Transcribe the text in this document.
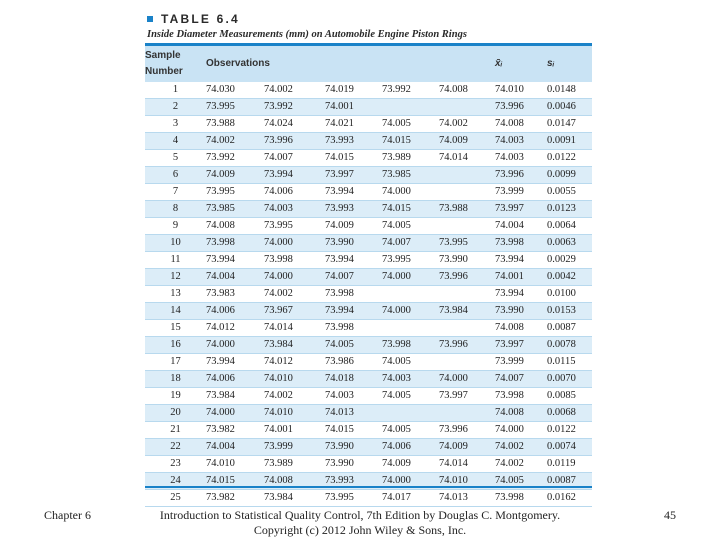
TABLE 6.4
Inside Diameter Measurements (mm) on Automobile Engine Piston Rings
Sample
Number	Observations					x̄ᵢ	sᵢ
1	74.030	74.002	74.019	73.992	74.008	74.010	0.0148
2	73.995	73.992	74.001			73.996	0.0046
3	73.988	74.024	74.021	74.005	74.002	74.008	0.0147
4	74.002	73.996	73.993	74.015	74.009	74.003	0.0091
5	73.992	74.007	74.015	73.989	74.014	74.003	0.0122
6	74.009	73.994	73.997	73.985		73.996	0.0099
7	73.995	74.006	73.994	74.000		73.999	0.0055
8	73.985	74.003	73.993	74.015	73.988	73.997	0.0123
9	74.008	73.995	74.009	74.005		74.004	0.0064
10	73.998	74.000	73.990	74.007	73.995	73.998	0.0063
11	73.994	73.998	73.994	73.995	73.990	73.994	0.0029
12	74.004	74.000	74.007	74.000	73.996	74.001	0.0042
13	73.983	74.002	73.998			73.994	0.0100
14	74.006	73.967	73.994	74.000	73.984	73.990	0.0153
15	74.012	74.014	73.998			74.008	0.0087
16	74.000	73.984	74.005	73.998	73.996	73.997	0.0078
17	73.994	74.012	73.986	74.005		73.999	0.0115
18	74.006	74.010	74.018	74.003	74.000	74.007	0.0070
19	73.984	74.002	74.003	74.005	73.997	73.998	0.0085
20	74.000	74.010	74.013			74.008	0.0068
21	73.982	74.001	74.015	74.005	73.996	74.000	0.0122
22	74.004	73.999	73.990	74.006	74.009	74.002	0.0074
23	74.010	73.989	73.990	74.009	74.014	74.002	0.0119
24	74.015	74.008	73.993	74.000	74.010	74.005	0.0087
25	73.982	73.984	73.995	74.017	74.013	73.998	0.0162
Chapter 6	Introduction to Statistical Quality Control, 7th Edition by Douglas C. Montgomery.
Copyright (c) 2012 John Wiley & Sons, Inc.
45
